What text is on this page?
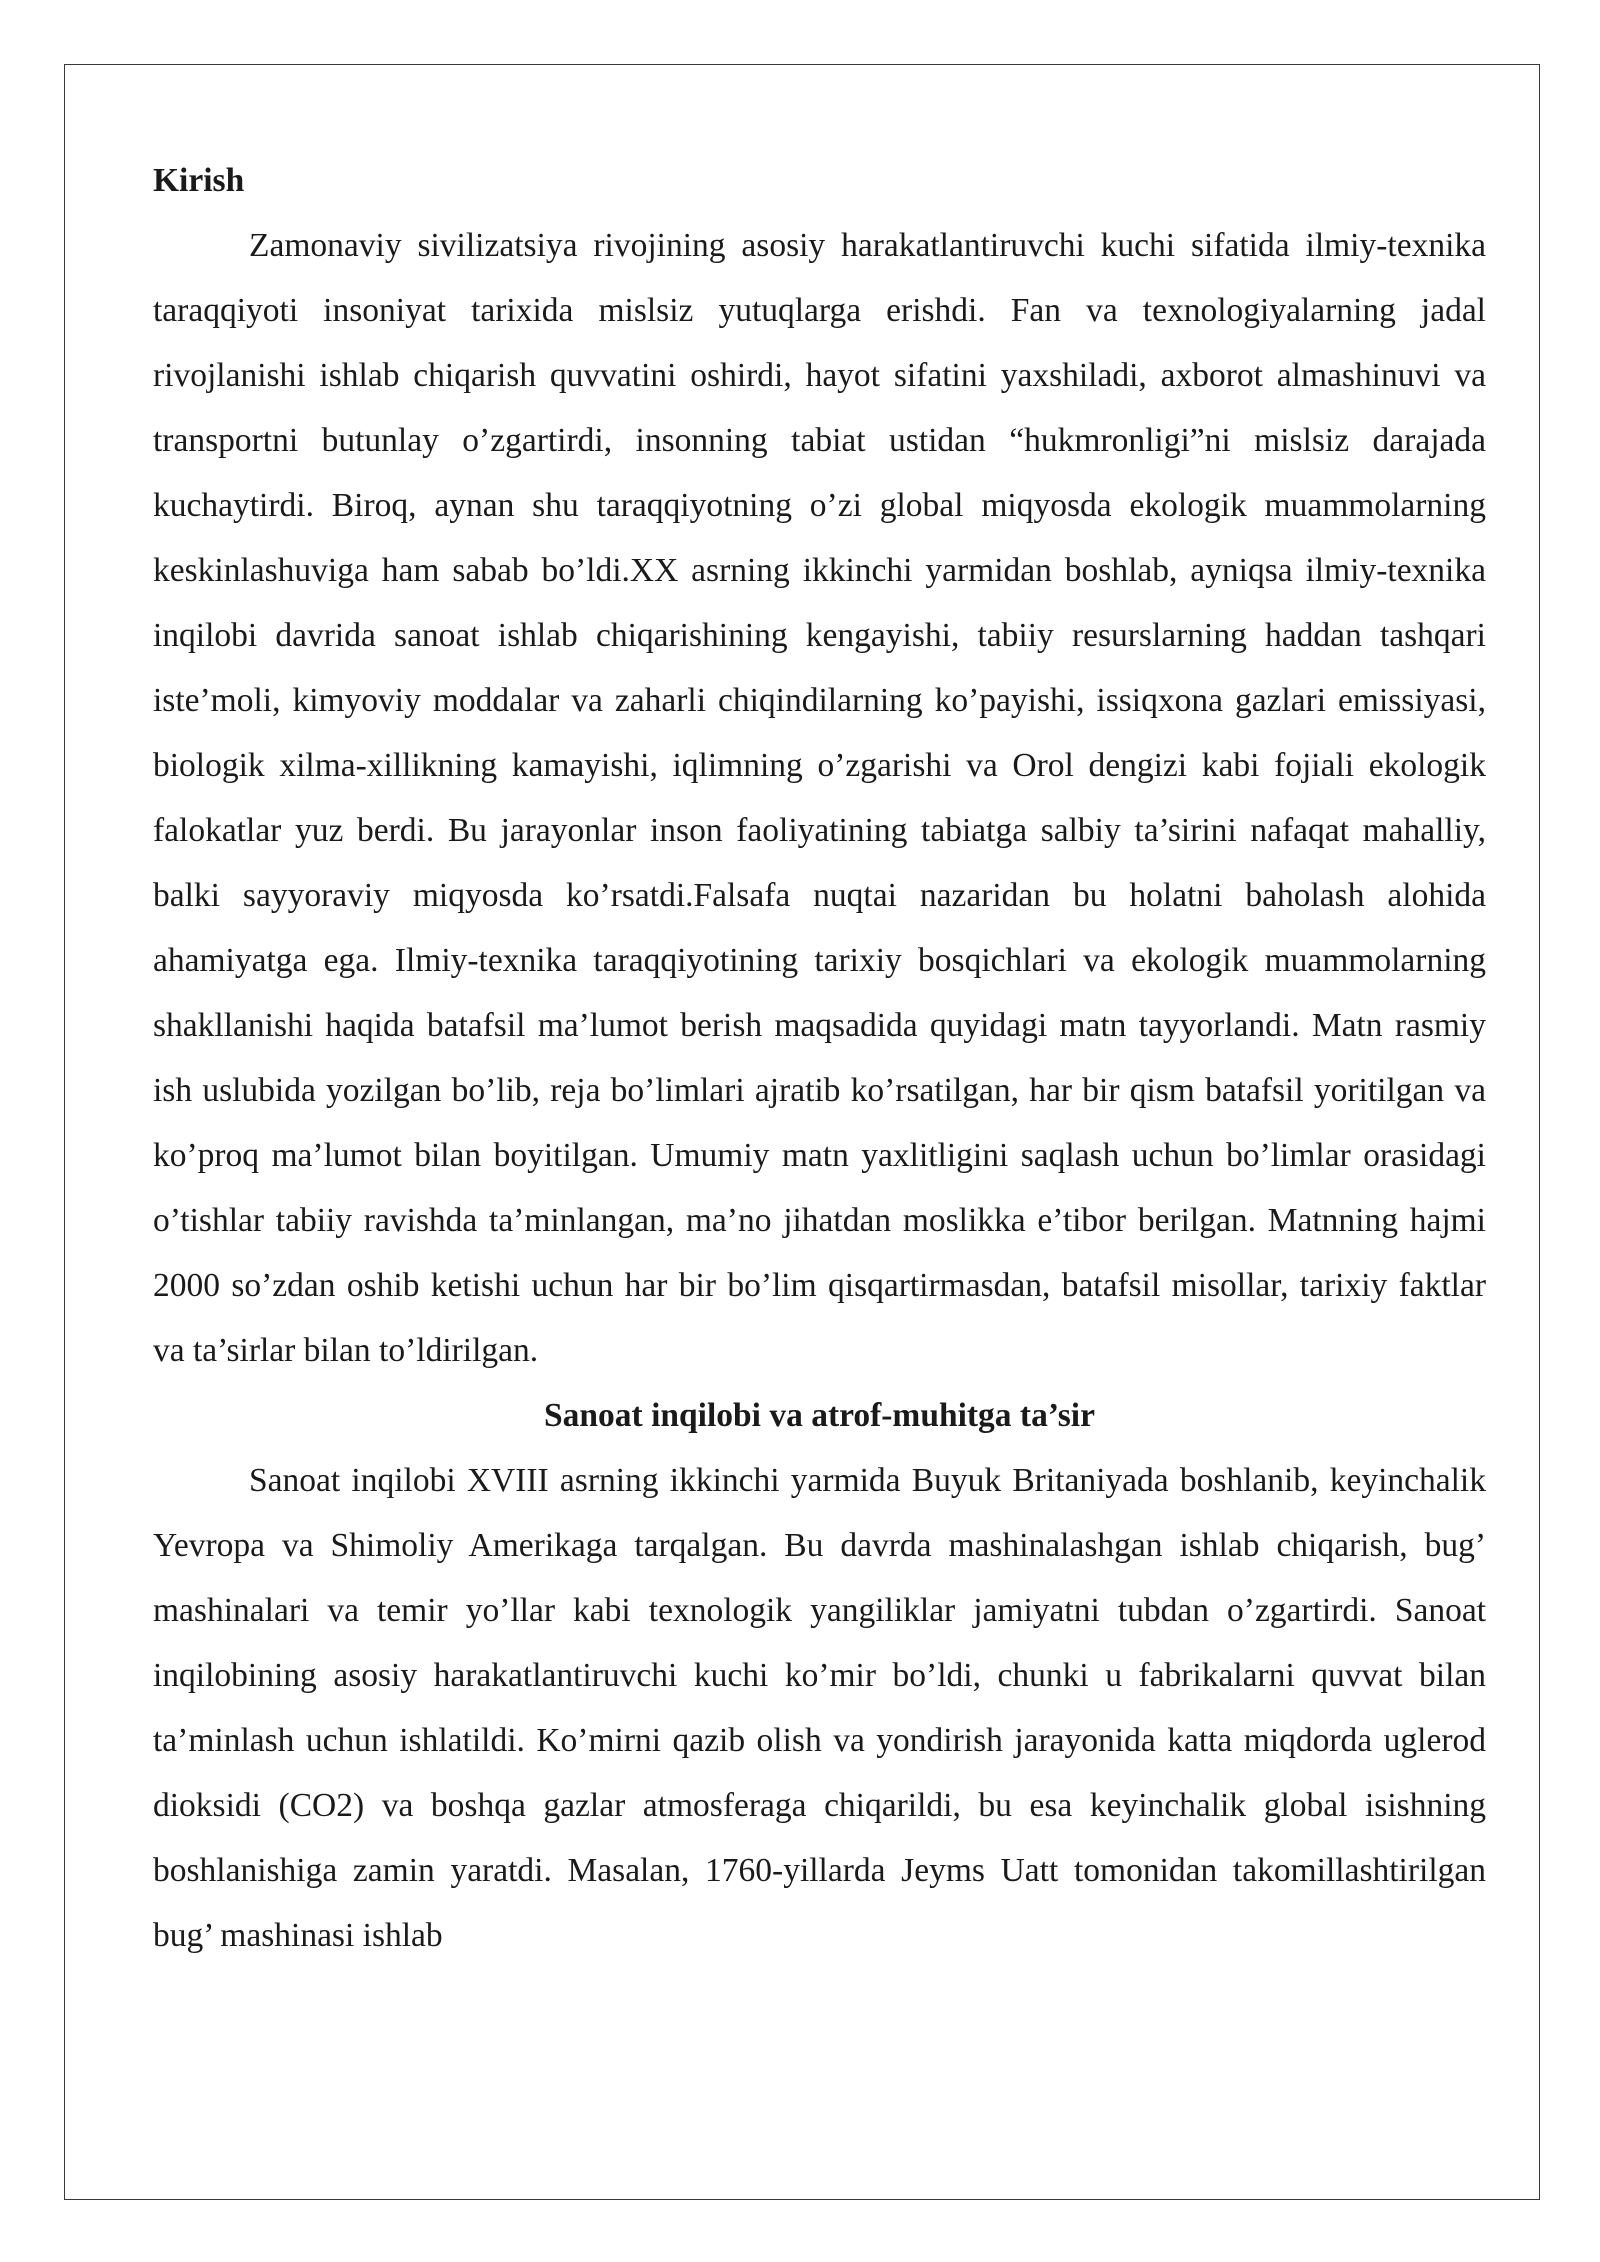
Kirish

Zamonaviy sivilizatsiya rivojining asosiy harakatlantiruvchi kuchi sifatida ilmiy-texnika taraqqiyoti insoniyat tarixida mislsiz yutuqlarga erishdi. Fan va texnologiyalarning jadal rivojlanishi ishlab chiqarish quvvatini oshirdi, hayot sifatini yaxshiladi, axborot almashinuvi va transportni butunlay o’zgartirdi, insonning tabiat ustidan “hukmronligi”ni mislsiz darajada kuchaytirdi. Biroq, aynan shu taraqqiyotning o’zi global miqyosda ekologik muammolarning keskinlashuviga ham sabab bo’ldi.XX asrning ikkinchi yarmidan boshlab, ayniqsa ilmiy-texnika inqilobi davrida sanoat ishlab chiqarishining kengayishi, tabiiy resurslarning haddan tashqari iste’moli, kimyoviy moddalar va zaharli chiqindilarning ko’payishi, issiqxona gazlari emissiyasi, biologik xilma-xillikning kamayishi, iqlimning o’zgarishi va Orol dengizi kabi fojiali ekologik falokatlar yuz berdi. Bu jarayonlar inson faoliyatining tabiatga salbiy ta’sirini nafaqat mahalliy, balki sayyoraviy miqyosda ko’rsatdi.Falsafa nuqtai nazaridan bu holatni baholash alohida ahamiyatga ega. Ilmiy-texnika taraqqiyotining tarixiy bosqichlari va ekologik muammolarning shakllanishi haqida batafsil ma’lumot berish maqsadida quyidagi matn tayyorlandi. Matn rasmiy ish uslubida yozilgan bo’lib, reja bo’limlari ajratib ko’rsatilgan, har bir qism batafsil yoritilgan va ko’proq ma’lumot bilan boyitilgan. Umumiy matn yaxlitligini saqlash uchun bo’limlar orasidagi o’tishlar tabiiy ravishda ta’minlangan, ma’no jihatdan moslikka e’tibor berilgan. Matnning hajmi 2000 so’zdan oshib ketishi uchun har bir bo’lim qisqartirmasdan, batafsil misollar, tarixiy faktlar va ta’sirlar bilan to’ldirilgan.

Sanoat inqilobi va atrof-muhitga ta’sir

Sanoat inqilobi XVIII asrning ikkinchi yarmida Buyuk Britaniyada boshlanib, keyinchalik Yevropa va Shimoliy Amerikaga tarqalgan. Bu davrda mashinalashgan ishlab chiqarish, bug’ mashinalari va temir yo’llar kabi texnologik yangiliklar jamiyatni tubdan o’zgartirdi. Sanoat inqilobining asosiy harakatlantiruvchi kuchi ko’mir bo’ldi, chunki u fabrikalarni quvvat bilan ta’minlash uchun ishlatildi. Ko’mirni qazib olish va yondirish jarayonida katta miqdorda uglerod dioksidi (CO2) va boshqa gazlar atmosferaga chiqarildi, bu esa keyinchalik global isishning boshlanishiga zamin yaratdi. Masalan, 1760-yillarda Jeyms Uatt tomonidan takomillashtirilgan bug’ mashinasi ishlab
